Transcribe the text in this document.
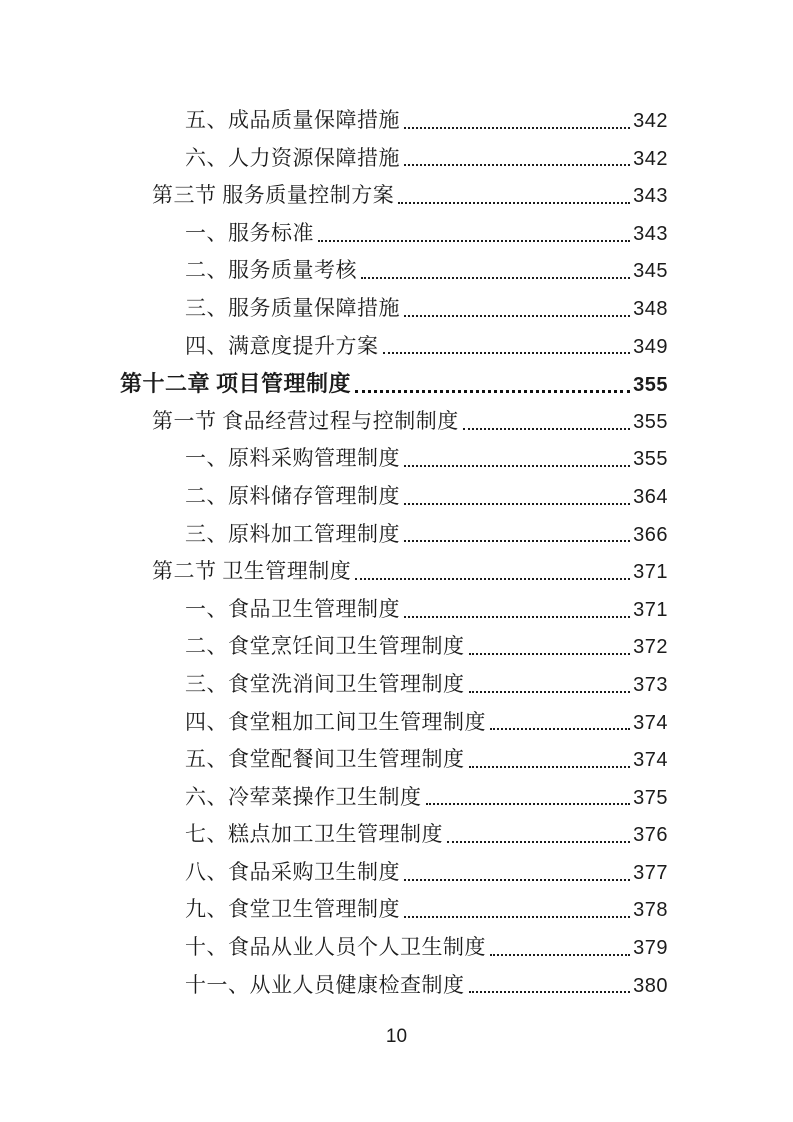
五、成品质量保障措施	342
六、人力资源保障措施	342
第三节 服务质量控制方案	343
一、服务标准	343
二、服务质量考核	345
三、服务质量保障措施	348
四、满意度提升方案	349
第十二章 项目管理制度	355
第一节 食品经营过程与控制制度	355
一、原料采购管理制度	355
二、原料储存管理制度	364
三、原料加工管理制度	366
第二节 卫生管理制度	371
一、食品卫生管理制度	371
二、食堂烹饪间卫生管理制度	372
三、食堂洗消间卫生管理制度	373
四、食堂粗加工间卫生管理制度	374
五、食堂配餐间卫生管理制度	374
六、冷荤菜操作卫生制度	375
七、糕点加工卫生管理制度	376
八、食品采购卫生制度	377
九、食堂卫生管理制度	378
十、食品从业人员个人卫生制度	379
十一、从业人员健康检查制度	380
10
